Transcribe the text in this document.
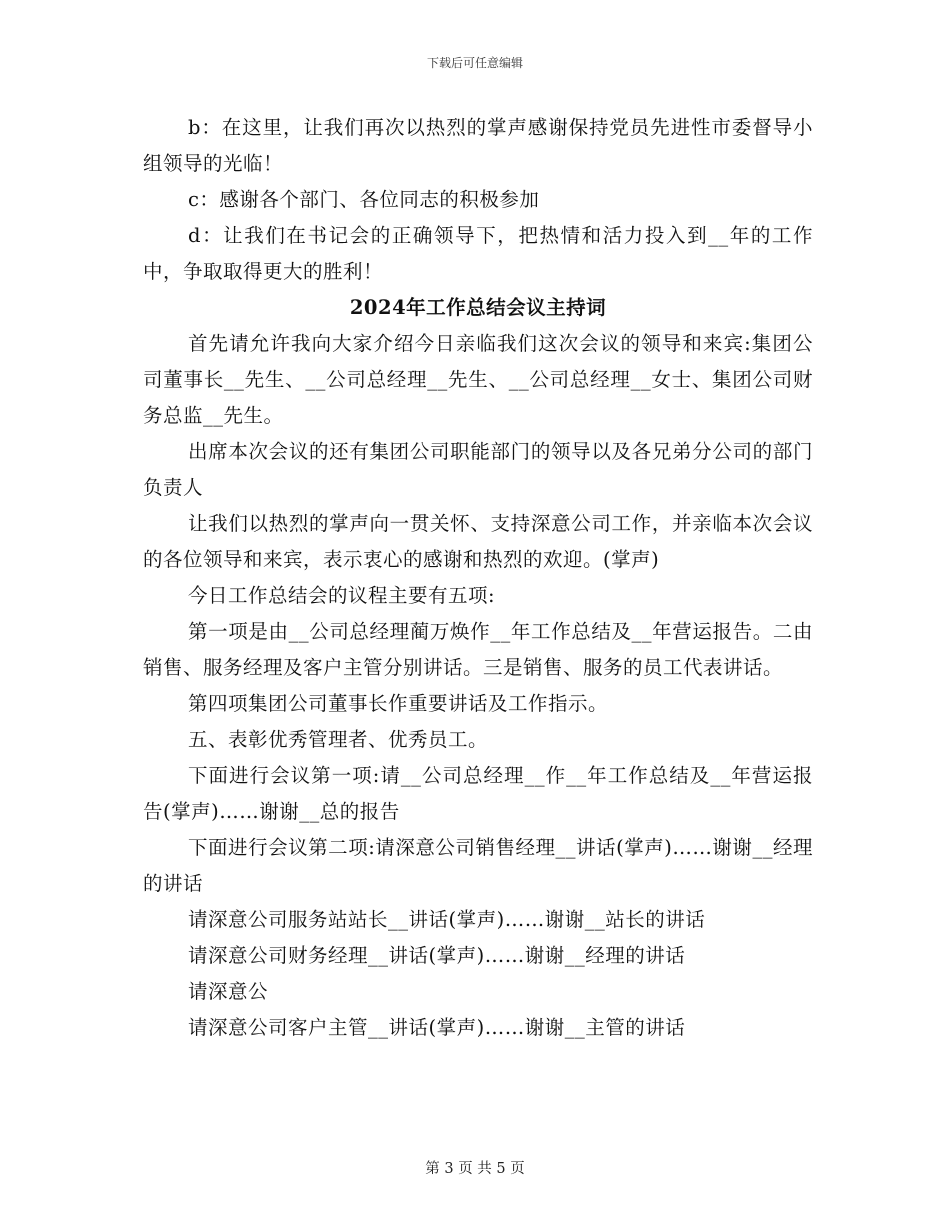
下载后可任意编辑

b：在这里，让我们再次以热烈的掌声感谢保持党员先进性市委督导小组领导的光临！

c：感谢各个部门、各位同志的积极参加

d：让我们在书记会的正确领导下，把热情和活力投入到__年的工作中，争取取得更大的胜利！

2024年工作总结会议主持词

首先请允许我向大家介绍今日亲临我们这次会议的领导和来宾:集团公司董事长__先生、__公司总经理__先生、__公司总经理__女士、集团公司财务总监__先生。

出席本次会议的还有集团公司职能部门的领导以及各兄弟分公司的部门负责人

让我们以热烈的掌声向一贯关怀、支持深意公司工作，并亲临本次会议的各位领导和来宾，表示衷心的感谢和热烈的欢迎。(掌声)

今日工作总结会的议程主要有五项:

第一项是由__公司总经理蔺万焕作__年工作总结及__年营运报告。二由销售、服务经理及客户主管分别讲话。三是销售、服务的员工代表讲话。

第四项集团公司董事长作重要讲话及工作指示。

五、表彰优秀管理者、优秀员工。

下面进行会议第一项:请__公司总经理__作__年工作总结及__年营运报告(掌声)……谢谢__总的报告

下面进行会议第二项:请深意公司销售经理__讲话(掌声)……谢谢__经理的讲话

请深意公司服务站站长__讲话(掌声)……谢谢__站长的讲话

请深意公司财务经理__讲话(掌声)……谢谢__经理的讲话

请深意公

请深意公司客户主管__讲话(掌声)……谢谢__主管的讲话

第 3 页 共 5 页
